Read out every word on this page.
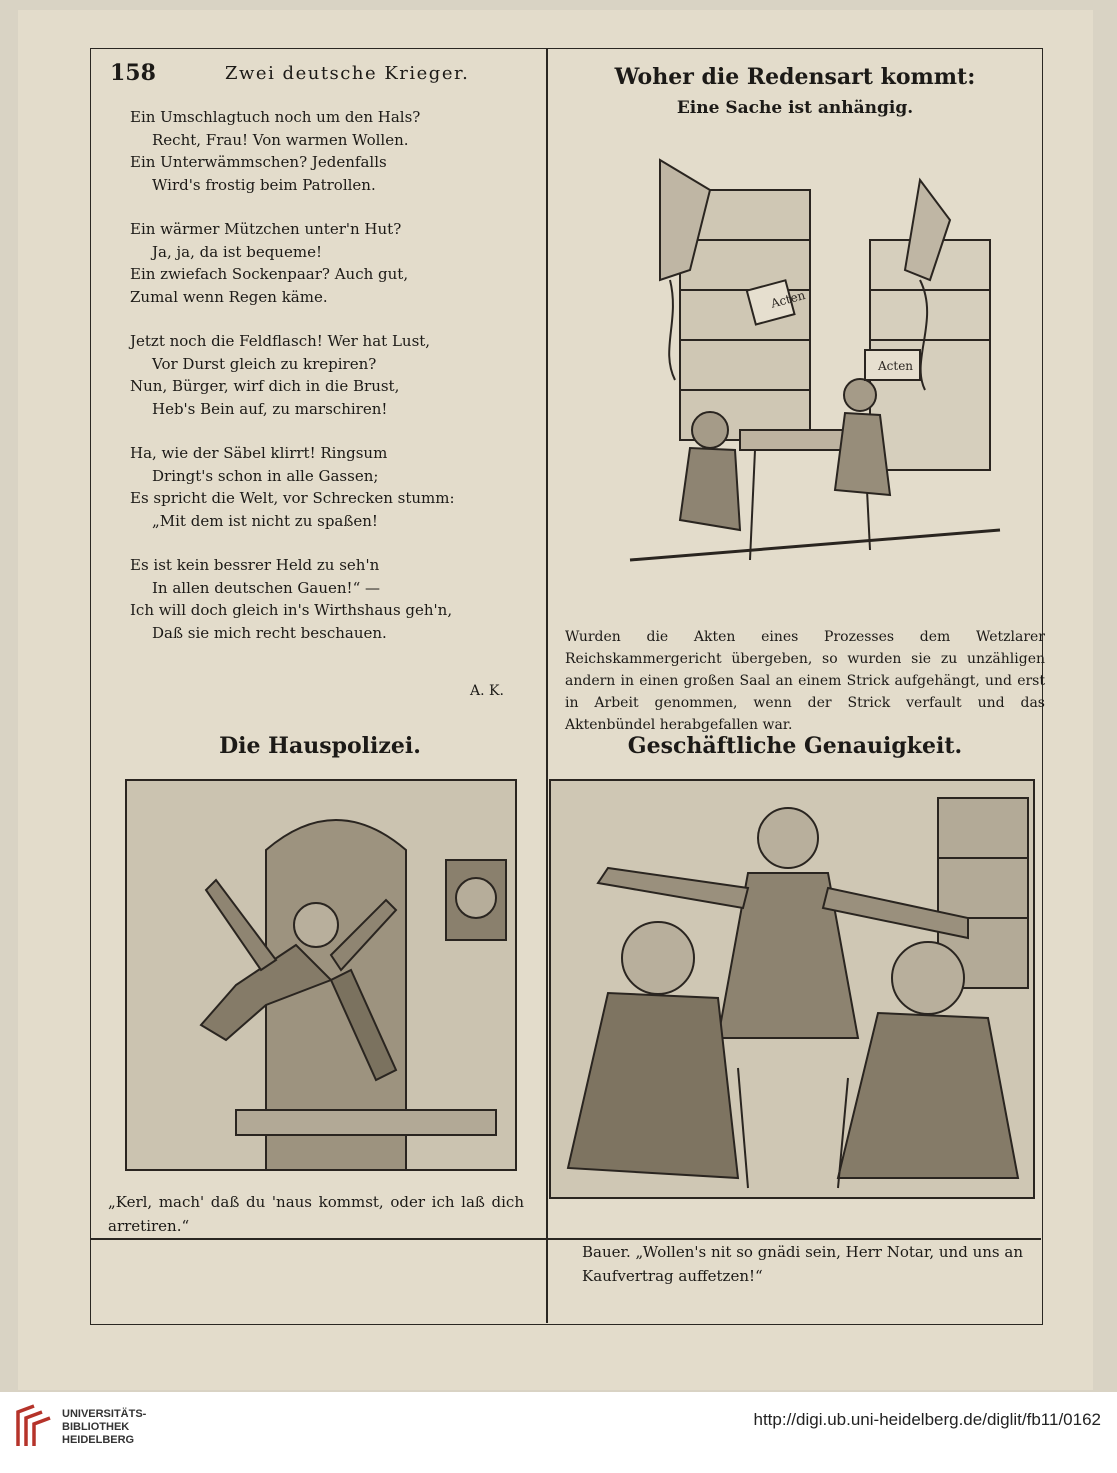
158	Zwei deutsche Krieger.
Ein Umschlagtuch noch um den Hals?
Recht, Frau! Von warmen Wollen.
Ein Unterwämmschen? Jedenfalls
Wird's frostig beim Patrollen.
Ein wärmer Mützchen unter'n Hut?
Ja, ja, da ist bequeme!
Ein zwiefach Sockenpaar? Auch gut,
Zumal wenn Regen käme.
Jetzt noch die Feldflasch! Wer hat Lust,
Vor Durst gleich zu krepiren?
Nun, Bürger, wirf dich in die Brust,
Heb's Bein auf, zu marschiren!
Ha, wie der Säbel klirrt! Ringsum
Dringt's schon in alle Gassen;
Es spricht die Welt, vor Schrecken stumm:
„Mit dem ist nicht zu spaßen!
Es ist kein bessrer Held zu seh'n
In allen deutschen Gauen!“ —
Ich will doch gleich in's Wirthshaus geh'n,
Daß sie mich recht beschauen.
A. K.
Woher die Redensart kommt:
Eine Sache ist anhängig.
Acten
Acten
Wurden die Akten eines Prozesses dem Wetzlarer Reichskammergericht übergeben, so wurden sie zu unzähligen andern in einen großen Saal an einem Strick aufgehängt, und erst in Arbeit genommen, wenn der Strick verfault und das Aktenbündel herabgefallen war.
Die Hauspolizei.
„Kerl, mach' daß du 'naus kommst, oder ich laß dich arretiren.“
Geschäftliche Genauigkeit.
Bauer. „Wollen's nit so gnädi sein, Herr Notar, und uns an Kaufvertrag auffetzen!“
UNIVERSITÄTS-
BIBLIOTHEK
HEIDELBERG
http://digi.ub.uni-heidelberg.de/diglit/fb11/0162
